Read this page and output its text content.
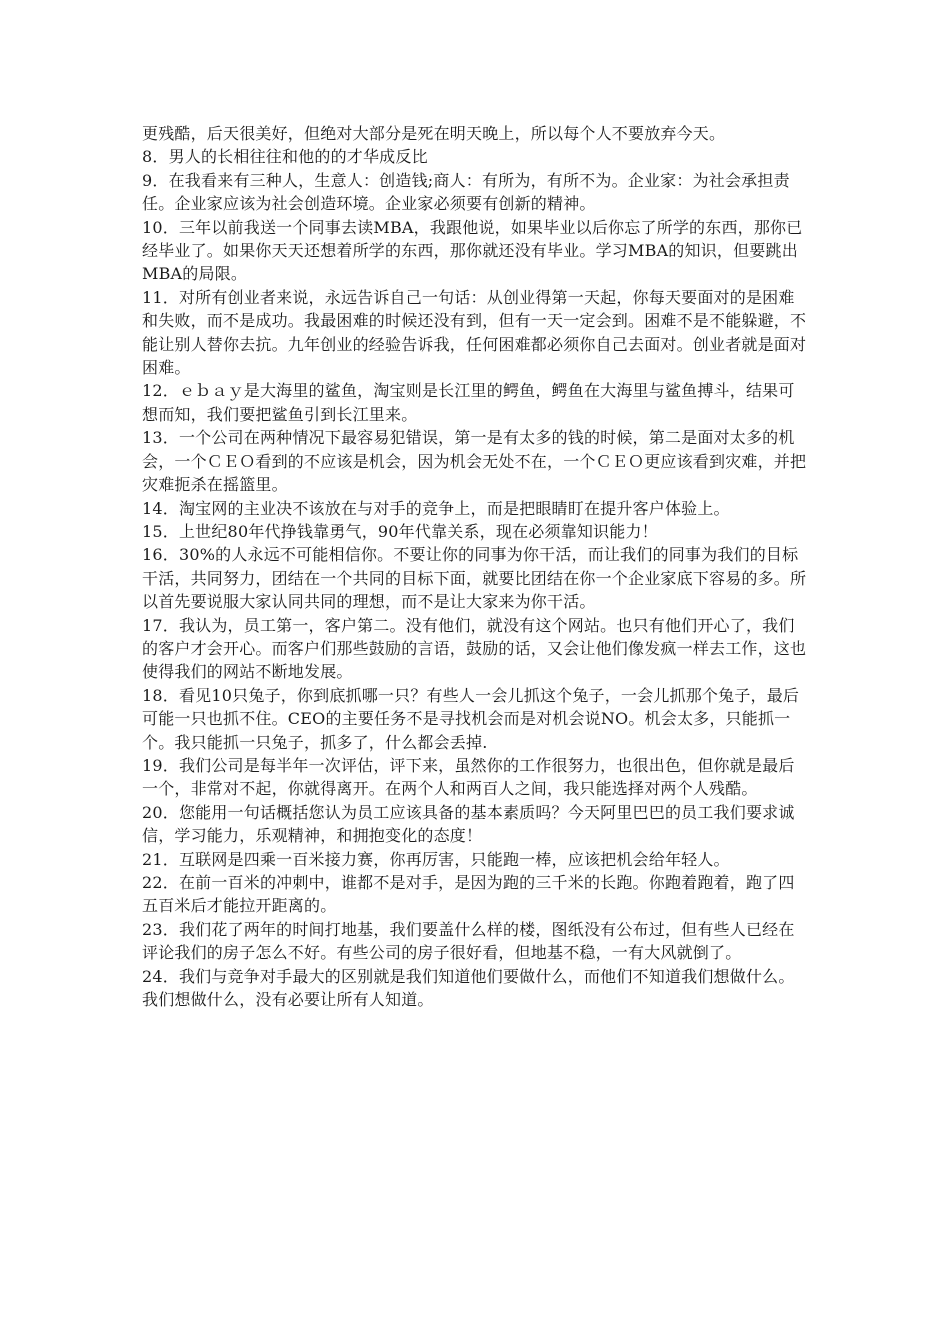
更残酷，后天很美好，但绝对大部分是死在明天晚上，所以每个人不要放弃今天。

8．男人的长相往往和他的的才华成反比

9．在我看来有三种人，生意人：创造钱;商人：有所为，有所不为。企业家：为社会承担责任。企业家应该为社会创造环境。企业家必须要有创新的精神。

10．三年以前我送一个同事去读MBA，我跟他说，如果毕业以后你忘了所学的东西，那你已经毕业了。如果你天天还想着所学的东西，那你就还没有毕业。学习MBA的知识，但要跳出MBA的局限。

11．对所有创业者来说，永远告诉自己一句话：从创业得第一天起，你每天要面对的是困难和失败，而不是成功。我最困难的时候还没有到，但有一天一定会到。困难不是不能躲避，不能让别人替你去抗。九年创业的经验告诉我，任何困难都必须你自己去面对。创业者就是面对困难。

12．ｅｂａｙ是大海里的鲨鱼，淘宝则是长江里的鳄鱼，鳄鱼在大海里与鲨鱼搏斗，结果可想而知，我们要把鲨鱼引到长江里来。

13．一个公司在两种情况下最容易犯错误，第一是有太多的钱的时候，第二是面对太多的机会，一个ＣＥＯ看到的不应该是机会，因为机会无处不在，一个ＣＥＯ更应该看到灾难，并把灾难扼杀在摇篮里。

14．淘宝网的主业决不该放在与对手的竞争上，而是把眼睛盯在提升客户体验上。

15．上世纪80年代挣钱靠勇气，90年代靠关系，现在必须靠知识能力！

16．30%的人永远不可能相信你。不要让你的同事为你干活，而让我们的同事为我们的目标干活，共同努力，团结在一个共同的目标下面，就要比团结在你一个企业家底下容易的多。所以首先要说服大家认同共同的理想，而不是让大家来为你干活。

17．我认为，员工第一，客户第二。没有他们，就没有这个网站。也只有他们开心了，我们的客户才会开心。而客户们那些鼓励的言语，鼓励的话，又会让他们像发疯一样去工作，这也使得我们的网站不断地发展。

18．看见10只兔子，你到底抓哪一只？有些人一会儿抓这个兔子，一会儿抓那个兔子，最后可能一只也抓不住。CEO的主要任务不是寻找机会而是对机会说NO。机会太多，只能抓一个。我只能抓一只兔子，抓多了，什么都会丢掉.

19．我们公司是每半年一次评估，评下来，虽然你的工作很努力，也很出色，但你就是最后一个，非常对不起，你就得离开。在两个人和两百人之间，我只能选择对两个人残酷。

20．您能用一句话概括您认为员工应该具备的基本素质吗？今天阿里巴巴的员工我们要求诚信，学习能力，乐观精神，和拥抱变化的态度！

21．互联网是四乘一百米接力赛，你再厉害，只能跑一棒，应该把机会给年轻人。

22．在前一百米的冲刺中，谁都不是对手，是因为跑的三千米的长跑。你跑着跑着，跑了四五百米后才能拉开距离的。

23．我们花了两年的时间打地基，我们要盖什么样的楼，图纸没有公布过，但有些人已经在评论我们的房子怎么不好。有些公司的房子很好看，但地基不稳，一有大风就倒了。

24．我们与竞争对手最大的区别就是我们知道他们要做什么，而他们不知道我们想做什么。我们想做什么，没有必要让所有人知道。
